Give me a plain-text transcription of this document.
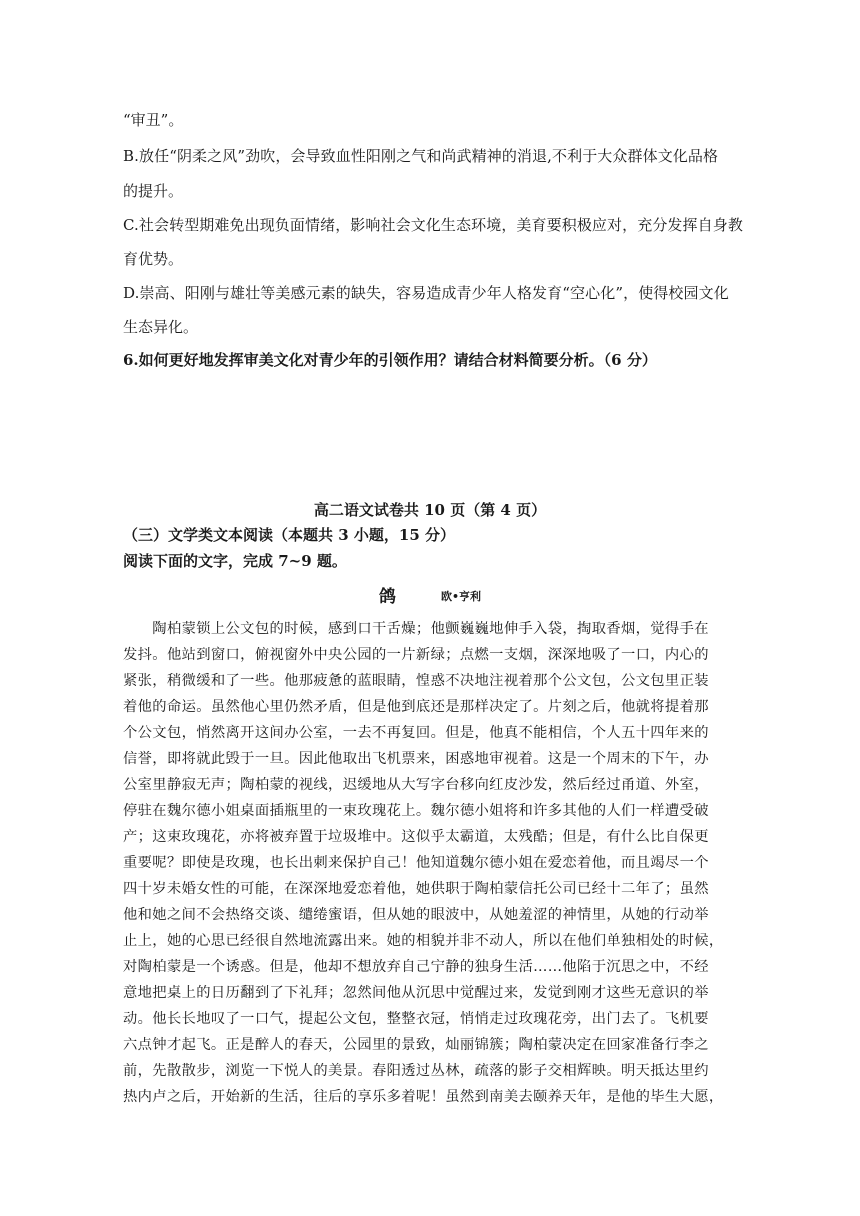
“审丑”。
B.放任“阴柔之风”劲吹，会导致血性阳刚之气和尚武精神的消退,不利于大众群体文化品格
的提升。
C.社会转型期难免出现负面情绪，影响社会文化生态环境，美育要积极应对，充分发挥自身教
育优势。
D.崇高、阳刚与雄壮等美感元素的缺失，容易造成青少年人格发育“空心化”，使得校园文化
生态异化。
6.如何更好地发挥审美文化对青少年的引领作用？请结合材料简要分析。（6 分）
高二语文试卷共 10 页（第 4 页）
（三）文学类文本阅读（本题共 3 小题，15 分）
阅读下面的文字，完成 7~9 题。
鸽	欧•亨利
　　陶柏蒙锁上公文包的时候，感到口干舌燥；他颤巍巍地伸手入袋，掏取香烟，觉得手在
发抖。他站到窗口，俯视窗外中央公园的一片新绿；点燃一支烟，深深地吸了一口，内心的
紧张，稍微缓和了一些。他那疲惫的蓝眼睛，惶惑不决地注视着那个公文包，公文包里正装
着他的命运。虽然他心里仍然矛盾，但是他到底还是那样决定了。片刻之后，他就将提着那
个公文包，悄然离开这间办公室，一去不再复回。但是，他真不能相信，个人五十四年来的
信誉，即将就此毁于一旦。因此他取出飞机票来，困惑地审视着。这是一个周末的下午，办
公室里静寂无声；陶柏蒙的视线，迟缓地从大写字台移向红皮沙发，然后经过甬道、外室，
停驻在魏尔德小姐桌面插瓶里的一束玫瑰花上。魏尔德小姐将和许多其他的人们一样遭受破
产；这束玫瑰花，亦将被弃置于垃圾堆中。这似乎太霸道，太残酷；但是，有什么比自保更
重要呢？即使是玫瑰，也长出刺来保护自己！他知道魏尔德小姐在爱恋着他，而且竭尽一个
四十岁未婚女性的可能，在深深地爱恋着他，她供职于陶柏蒙信托公司已经十二年了；虽然
他和她之间不会热络交谈、缱绻蜜语，但从她的眼波中，从她羞涩的神情里，从她的行动举
止上，她的心思已经很自然地流露出来。她的相貌并非不动人，所以在他们单独相处的时候，
对陶柏蒙是一个诱惑。但是，他却不想放弃自己宁静的独身生活……他陷于沉思之中，不经
意地把桌上的日历翻到了下礼拜；忽然间他从沉思中觉醒过来，发觉到刚才这些无意识的举
动。他长长地叹了一口气，提起公文包，整整衣冠，悄悄走过玫瑰花旁，出门去了。飞机要
六点钟才起飞。正是醉人的春天，公园里的景致，灿丽锦簇；陶柏蒙决定在回家准备行李之
前，先散散步，浏览一下悦人的美景。春阳透过丛林，疏落的影子交相辉映。明天抵达里约
热内卢之后，开始新的生活，往后的享乐多着呢！虽然到南美去颐养天年，是他的毕生大愿，
